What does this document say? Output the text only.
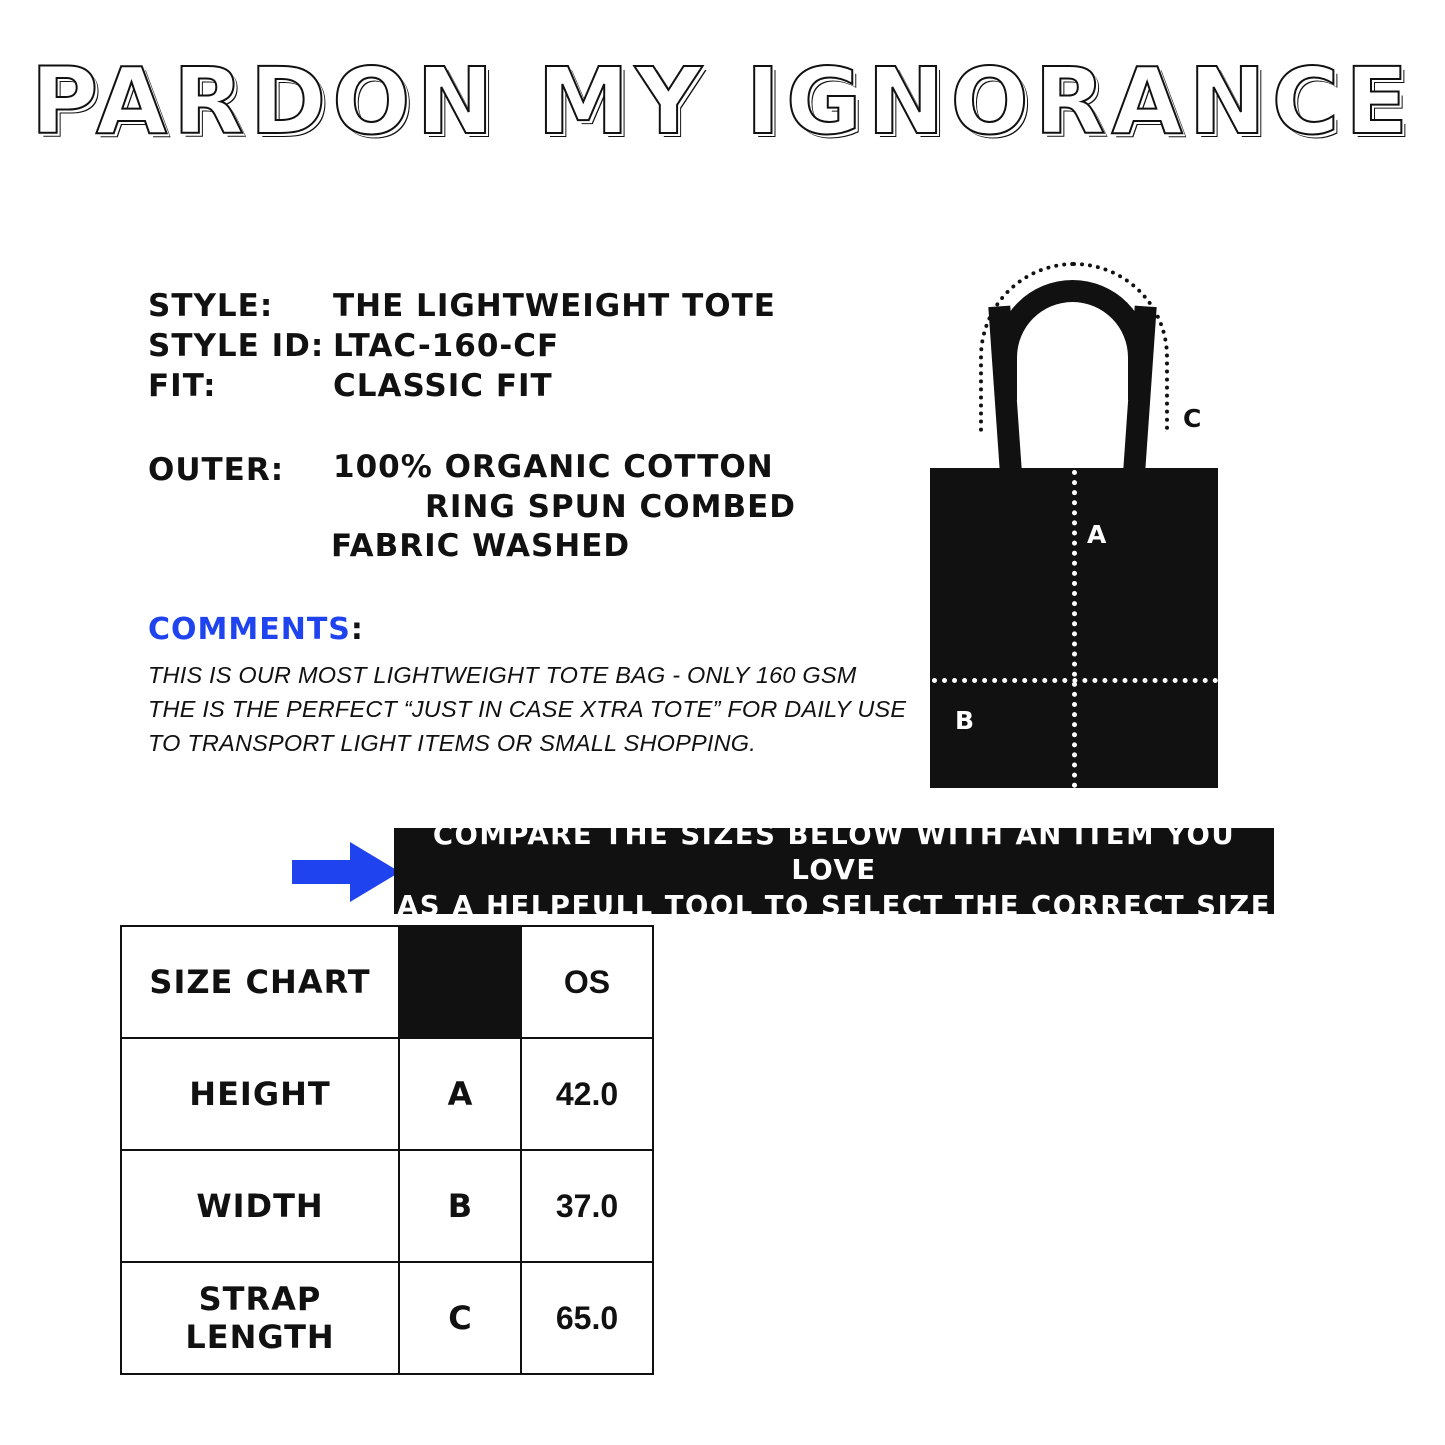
PARDON MY IGNORANCE
STYLE:	THE LIGHTWEIGHT TOTE
STYLE ID: LTAC-160-CF
FIT:	CLASSIC FIT
OUTER: 100% ORGANIC COTTON
RING SPUN COMBED
FABRIC WASHED
COMMENTS:
THIS IS OUR MOST LIGHTWEIGHT TOTE BAG - ONLY 160 GSM
THE IS THE PERFECT “JUST IN CASE XTRA TOTE” FOR DAILY USE
TO TRANSPORT LIGHT ITEMS OR SMALL SHOPPING.
A
B
C
COMPARE THE SIZES BELOW WITH AN ITEM YOU LOVE
AS A HELPFULL TOOL TO SELECT THE CORRECT SIZE
SIZE CHART		OS
HEIGHT	A	42.0
WIDTH	B	37.0
STRAP LENGTH	C	65.0
